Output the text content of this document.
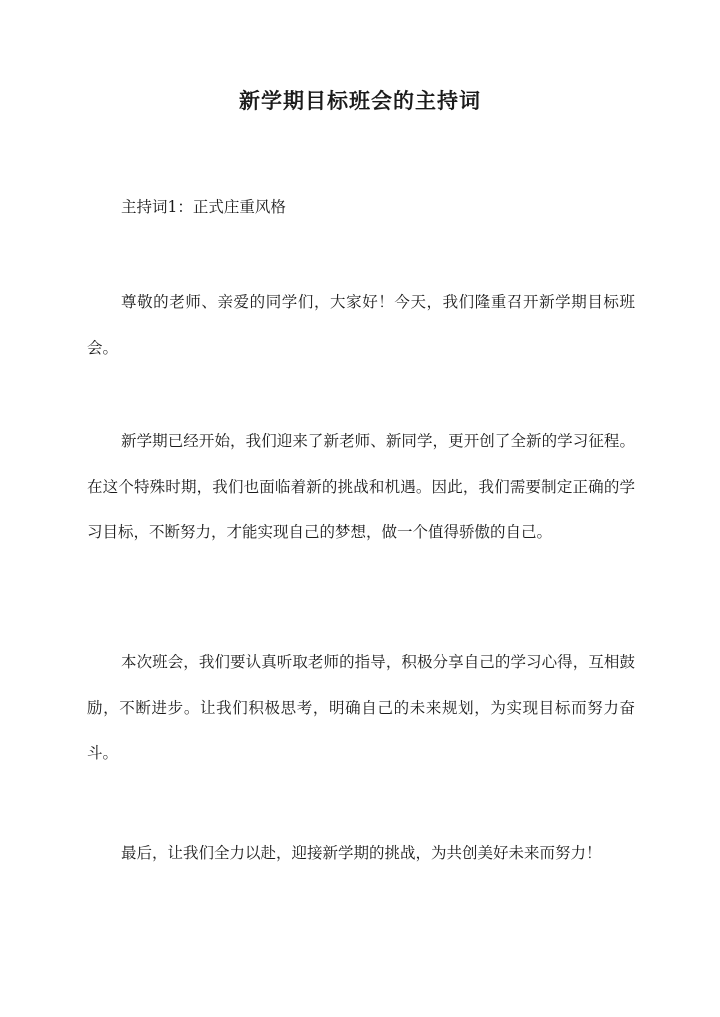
新学期目标班会的主持词

主持词1：正式庄重风格

尊敬的老师、亲爱的同学们，大家好！今天，我们隆重召开新学期目标班会。

新学期已经开始，我们迎来了新老师、新同学，更开创了全新的学习征程。在这个特殊时期，我们也面临着新的挑战和机遇。因此，我们需要制定正确的学习目标，不断努力，才能实现自己的梦想，做一个值得骄傲的自己。

本次班会，我们要认真听取老师的指导，积极分享自己的学习心得，互相鼓励，不断进步。让我们积极思考，明确自己的未来规划，为实现目标而努力奋斗。

最后，让我们全力以赴，迎接新学期的挑战，为共创美好未来而努力！
